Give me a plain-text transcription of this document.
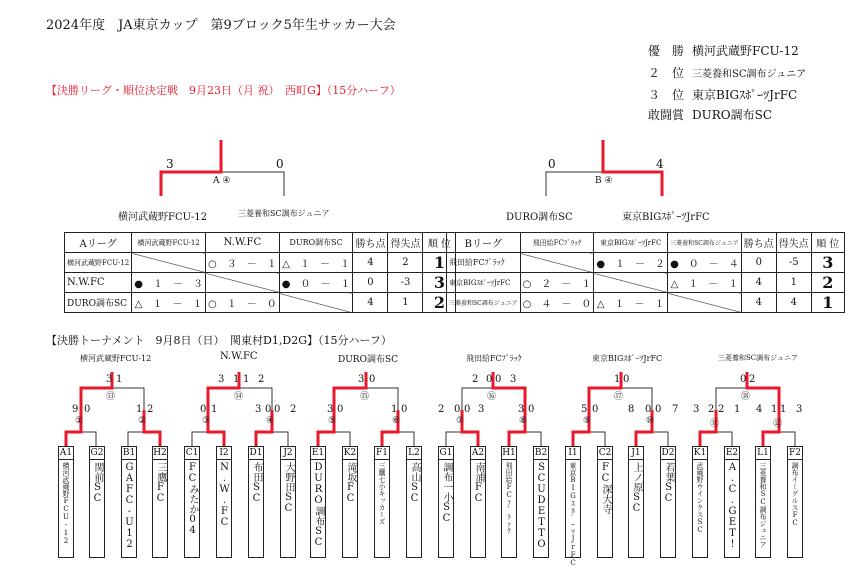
2024年度　JA東京カップ　第9ブロック5年生サッカー大会
優　勝 横河武蔵野FCU-12
２　位 三菱養和SC調布ジュニア
３　位 東京BIGｽﾎﾟｰﾂJrFC
敢闘賞 DURO調布SC
【決勝リーグ・順位決定戦　9月23日（月 祝）　西町G】（15分ハーフ）
3	0
A ④
横河武蔵野FCU-12	三菱養和SC調布ジュニア
0	4
B ④
DURO調布SC	東京BIGｽﾎﾟｰﾂJrFC
Aリーグ	横河武蔵野FCU-12	N.W.FC	DURO調布SC	勝ち点	得失点	順 位
横河武蔵野FCU-12		○　３　－　１	△　１　－　１	4	2	1
N.W.FC	●　１　－　３		●　０　－　１	0	-3	3
DURO調布SC	△　１　－　１	○　１　－　０		4	1	2
Bリーグ	飛田給FCﾌﾞﾗｯｸ	東京BIGｽﾎﾟｰﾂJrFC	三菱養和SC調布ジュニア	勝ち点	得失点	順 位
飛田給FCﾌﾞﾗｯｸ		●　１　－　２	●　０　－　４	0	-5	3
東京BIGｽﾎﾟｰﾂJrFC	○　２　－　１		△　１　－　１	4	1	2
三菱養和SC調布ジュニア	○　４　－　０	△　１　－　１		4	4	1
【決勝トーナメント　9月8日（日）　関東村D1,D2G】（15分ハーフ）
横河武蔵野FCU-12	N.W.FC	DURO調布SC	飛田給FCﾌﾞﾗｯｸ	東京BIGｽﾎﾟｰﾂJrFC	三菱養和SC調布ジュニア
3 1
⑬
3 1 1 2
⑭
3 0
⑮
2 0 0 3
⑯
1 0
⑰
0 2
⑱
9 0
①
1 2
②
0 1
③
3 0 0 2
④
3 0
⑤
1 0
⑥
2 0 0 3
⑦
3 0
⑧
5 0
⑨
8 0 0 7
⑩
3 2 2 1
⑪
4 1 1 3
⑫
A1
横河武蔵野FCU-12
G2
関前SC
B1
GAFC-U12
H2
三鷹FC
C1
FCみたか04
I2
N.W.FC
D1
布田SC
J2
大野田SC
E1
DURO調布SC
K2
滝坂FC
F1
三鷹七小キッカーズ
L2
高山SC
G1
調布一小SC
A2
南浦FC
H1
飛田給FCﾌﾞﾗｯｸ
B2
SCUDETTO
I1
東京BIGｽﾎﾟｰﾂJrFC
C2
FC深大寺
J1
上ノ原SC
D2
若葉SC
K1
武蔵野ウインクスSC
E2
A.C.GET!
L1
三菱養和SC調布ジュニア
F2
調布イーグルスFC
